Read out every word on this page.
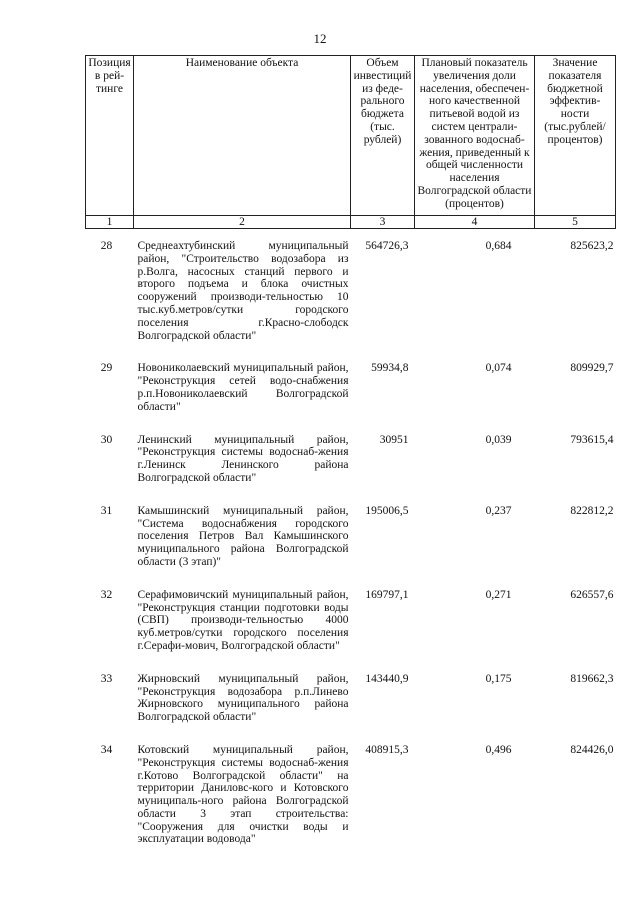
12
Позиция в рей-тинге	Наименование объекта	Объем инвестиций из феде-рального бюджета (тыс. рублей)	Плановый показатель увеличения доли населения, обеспечен-ного качественной питьевой водой из систем централи-зованного водоснаб-жения, приведенный к общей численности населения Волгоградской области (процентов)	Значение показателя бюджетной эффектив-ности (тыс.рублей/ процентов)
1	2	3	4	5

28	Среднеахтубинский муниципальный район, "Строительство водозабора из р.Волга, насосных станций первого и второго подъема и блока очистных сооружений производи-тельностью 10 тыс.куб.метров/сутки городского поселения г.Красно-слободск Волгоградской области"	564726,3	0,684	825623,2

29	Новониколаевский муниципальный район, "Реконструкция сетей водо-снабжения р.п.Новониколаевский Волгоградской области"	59934,8	0,074	809929,7

30	Ленинский муниципальный район, "Реконструкция системы водоснаб-жения г.Ленинск Ленинского района Волгоградской области"	30951	0,039	793615,4

31	Камышинский муниципальный район, "Система водоснабжения городского поселения Петров Вал Камышинского муниципального района Волгоградской области (3 этап)"	195006,5	0,237	822812,2

32	Серафимовичский муниципальный район, "Реконструкция станции подготовки воды (СВП) производи-тельностью 4000 куб.метров/сутки городского поселения г.Серафи-мович, Волгоградской области"	169797,1	0,271	626557,6

33	Жирновский муниципальный район, "Реконструкция водозабора р.п.Линево Жирновского муниципального района Волгоградской области"	143440,9	0,175	819662,3

34	Котовский муниципальный район, "Реконструкция системы водоснаб-жения г.Котово Волгоградской области" на территории Даниловс-кого и Котовского муниципаль-ного района Волгоградской области 3 этап строительства: "Сооружения для очистки воды и эксплуатации водовода"	408915,3	0,496	824426,0
